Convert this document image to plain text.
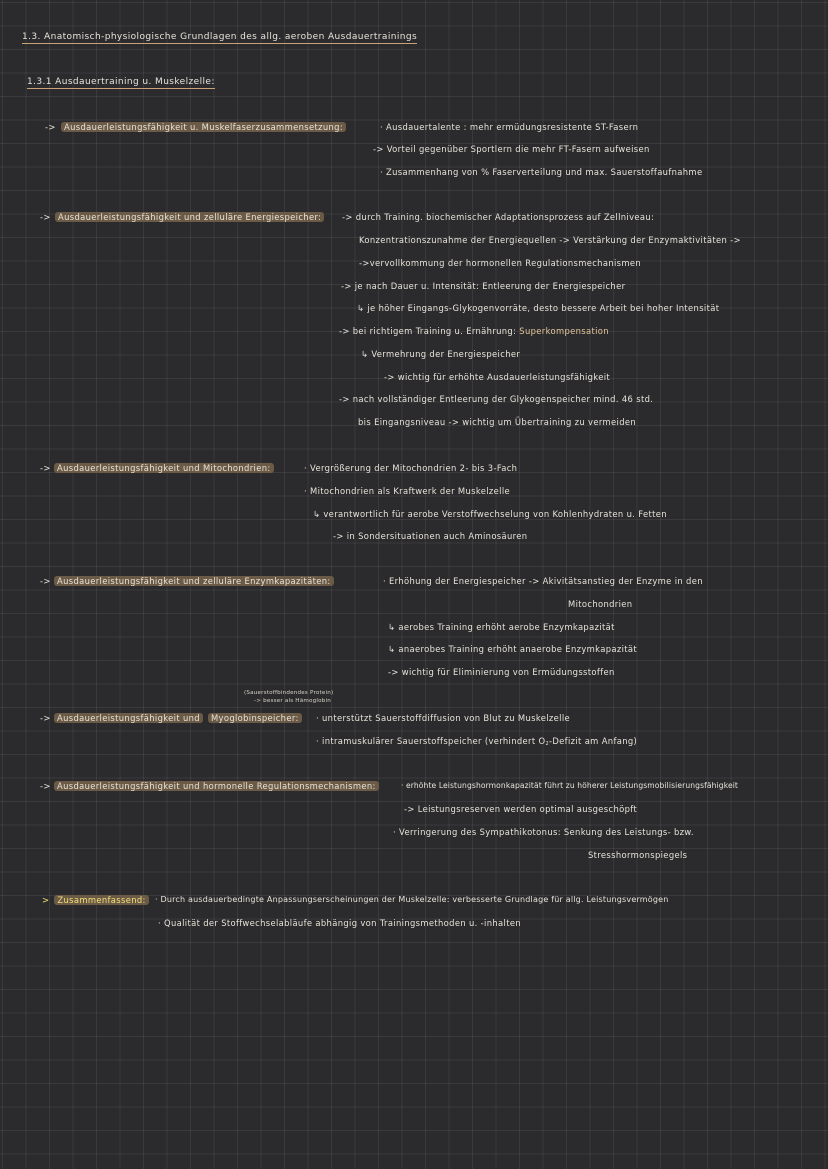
1.3. Anatomisch-physiologische Grundlagen des allg. aeroben Ausdauertrainings
1.3.1 Ausdauertraining u. Muskelzelle:
-> Ausdauerleistungsfähigkeit u. Muskelfaserzusammensetzung:	· Ausdauertalente : mehr ermüdungsresistente ST-Fasern
-> Vorteil gegenüber Sportlern die mehr FT-Fasern aufweisen
· Zusammenhang von % Faserverteilung und max. Sauerstoffaufnahme
-> Ausdauerleistungsfähigkeit und zelluläre Energiespeicher:	-> durch Training. biochemischer Adaptationsprozess auf Zellniveau:
Konzentrationszunahme der Energiequellen -> Verstärkung der Enzymaktivitäten ->
->vervollkommung der hormonellen Regulationsmechanismen
-> je nach Dauer u. Intensität: Entleerung der Energiespeicher
↳ je höher Eingangs-Glykogenvorräte, desto bessere Arbeit bei hoher Intensität
-> bei richtigem Training u. Ernährung: Superkompensation
↳ Vermehrung der Energiespeicher
-> wichtig für erhöhte Ausdauerleistungsfähigkeit
-> nach vollständiger Entleerung der Glykogenspeicher mind. 46 std.
bis Eingangsniveau -> wichtig um Übertraining zu vermeiden
-> Ausdauerleistungsfähigkeit und Mitochondrien:	· Vergrößerung der Mitochondrien 2- bis 3-Fach
· Mitochondrien als Kraftwerk der Muskelzelle
↳ verantwortlich für aerobe Verstoffwechselung von Kohlenhydraten u. Fetten
-> in Sondersituationen auch Aminosäuren
-> Ausdauerleistungsfähigkeit und zelluläre Enzymkapazitäten:	· Erhöhung der Energiespeicher -> Akivitätsanstieg der Enzyme in den
Mitochondrien
↳ aerobes Training erhöht aerobe Enzymkapazität
↳ anaerobes Training erhöht anaerobe Enzymkapazität
-> wichtig für Eliminierung von Ermüdungsstoffen
(Sauerstoffbindendes Protein)
-> besser als Hämoglobin
-> Ausdauerleistungsfähigkeit und Myoglobinspeicher:	· unterstützt Sauerstoffdiffusion von Blut zu Muskelzelle
· intramuskulärer Sauerstoffspeicher (verhindert $O_2$-Defizit am Anfang)
-> Ausdauerleistungsfähigkeit und hormonelle Regulationsmechanismen:	· erhöhte Leistungshormonkapazität führt zu höherer Leistungsmobilisierungsfähigkeit
-> Leistungsreserven werden optimal ausgeschöpft
· Verringerung des Sympathikotonus: Senkung des Leistungs- bzw.
Stresshormonspiegels
> Zusammenfassend:	· Durch ausdauerbedingte Anpassungserscheinungen der Muskelzelle: verbesserte Grundlage für allg. Leistungsvermögen
· Qualität der Stoffwechselabläufe abhängig von Trainingsmethoden u. -inhalten
